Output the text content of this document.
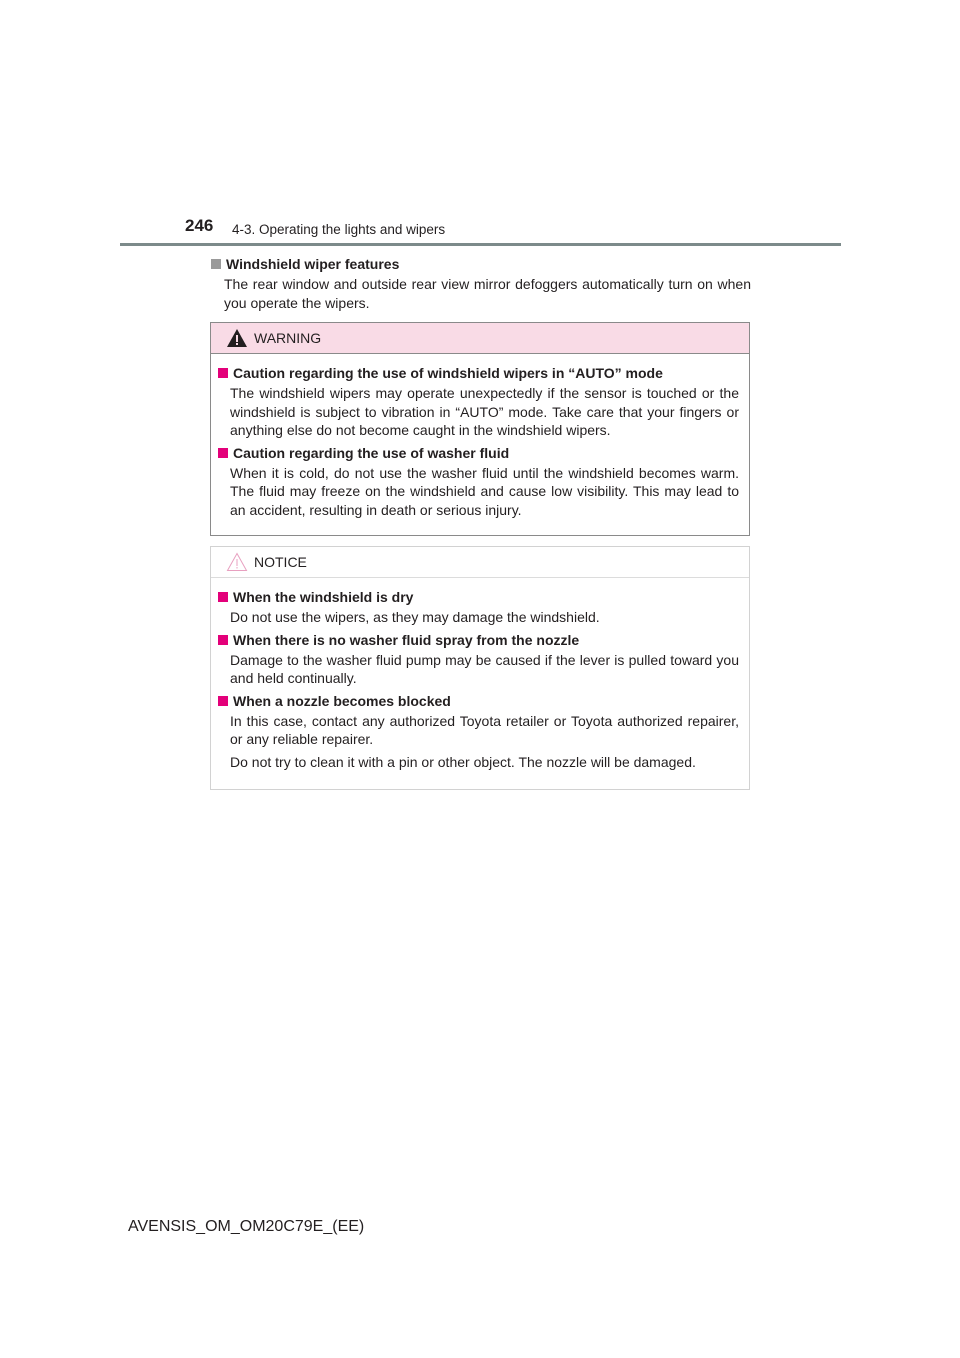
246 4-3. Operating the lights and wipers
Windshield wiper features
The rear window and outside rear view mirror defoggers automatically turn on when you operate the wipers.
WARNING
Caution regarding the use of windshield wipers in “AUTO” mode
The windshield wipers may operate unexpectedly if the sensor is touched or the windshield is subject to vibration in “AUTO” mode. Take care that your fingers or anything else do not become caught in the windshield wipers.
Caution regarding the use of washer fluid
When it is cold, do not use the washer fluid until the windshield becomes warm. The fluid may freeze on the windshield and cause low visibility. This may lead to an accident, resulting in death or serious injury.
NOTICE
When the windshield is dry
Do not use the wipers, as they may damage the windshield.
When there is no washer fluid spray from the nozzle
Damage to the washer fluid pump may be caused if the lever is pulled toward you and held continually.
When a nozzle becomes blocked
In this case, contact any authorized Toyota retailer or Toyota authorized repairer, or any reliable repairer.
Do not try to clean it with a pin or other object. The nozzle will be damaged.
AVENSIS_OM_OM20C79E_(EE)
